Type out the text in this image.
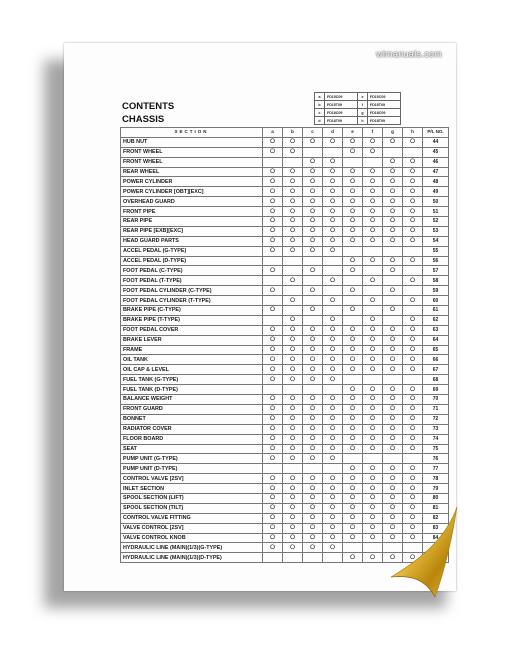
wimanuals.com
CONTENTS
CHASSIS
a	FD15C09	e	FD15C09
b	FD15T09	f	FD15T09
c	FD18C09	g	FD18C09
d	FD18T09	h	FD18T09
SECTION	a	b	c	d	e	f	g	h	P/L NO.
HUB NUT	O	O	O	O	O	O	O	O	44
FRONT WHEEL	O	O			O	O			45
FRONT WHEEL			O	O			O	O	46
REAR WHEEL	O	O	O	O	O	O	O	O	47
POWER CYLINDER	O	O	O	O	O	O	O	O	48
POWER CYLINDER [OBT][EXC]	O	O	O	O	O	O	O	O	49
OVERHEAD GUARD	O	O	O	O	O	O	O	O	50
FRONT PIPE	O	O	O	O	O	O	O	O	51
REAR PIPE	O	O	O	O	O	O	O	O	52
REAR PIPE [EXB][EXC]	O	O	O	O	O	O	O	O	53
HEAD GUARD PARTS	O	O	O	O	O	O	O	O	54
ACCEL PEDAL (G-TYPE)	O	O	O	O					55
ACCEL PEDAL (D-TYPE)					O	O	O	O	56
FOOT PEDAL (C-TYPE)	O		O		O		O		57
FOOT PEDAL (T-TYPE)		O		O		O		O	58
FOOT PEDAL CYLINDER (C-TYPE)	O		O		O		O		59
FOOT PEDAL CYLINDER (T-TYPE)		O		O		O		O	60
BRAKE PIPE (C-TYPE)	O		O		O		O		61
BRAKE PIPE (T-TYPE)		O		O		O		O	62
FOOT PEDAL COVER	O	O	O	O	O	O	O	O	63
BRAKE LEVER	O	O	O	O	O	O	O	O	64
FRAME	O	O	O	O	O	O	O	O	65
OIL TANK	O	O	O	O	O	O	O	O	66
OIL CAP & LEVEL	O	O	O	O	O	O	O	O	67
FUEL TANK (G-TYPE)	O	O	O	O					68
FUEL TANK (D-TYPE)					O	O	O	O	69
BALANCE WEIGHT	O	O	O	O	O	O	O	O	70
FRONT GUARD	O	O	O	O	O	O	O	O	71
BONNET	O	O	O	O	O	O	O	O	72
RADIATOR COVER	O	O	O	O	O	O	O	O	73
FLOOR BOARD	O	O	O	O	O	O	O	O	74
SEAT	O	O	O	O	O	O	O	O	75
PUMP UNIT (G-TYPE)	O	O	O	O					76
PUMP UNIT (D-TYPE)					O	O	O	O	77
CONTROL VALVE [2SV]	O	O	O	O	O	O	O	O	78
INLET SECTION	O	O	O	O	O	O	O	O	79
SPOOL SECTION (LIFT)	O	O	O	O	O	O	O	O	80
SPOOL SECTION (TILT)	O	O	O	O	O	O	O	O	81
CONTROL VALVE FITTING	O	O	O	O	O	O	O	O	82
VALVE CONTROL [2SV]	O	O	O	O	O	O	O	O	83
VALVE CONTROL KNOB	O	O	O	O	O	O	O	O	84
HYDRAULIC LINE (MAIN)(1/3)(G-TYPE)	O	O	O	O					
HYDRAULIC LINE (MAIN)(1/3)(D-TYPE)					O	O	O	O	
